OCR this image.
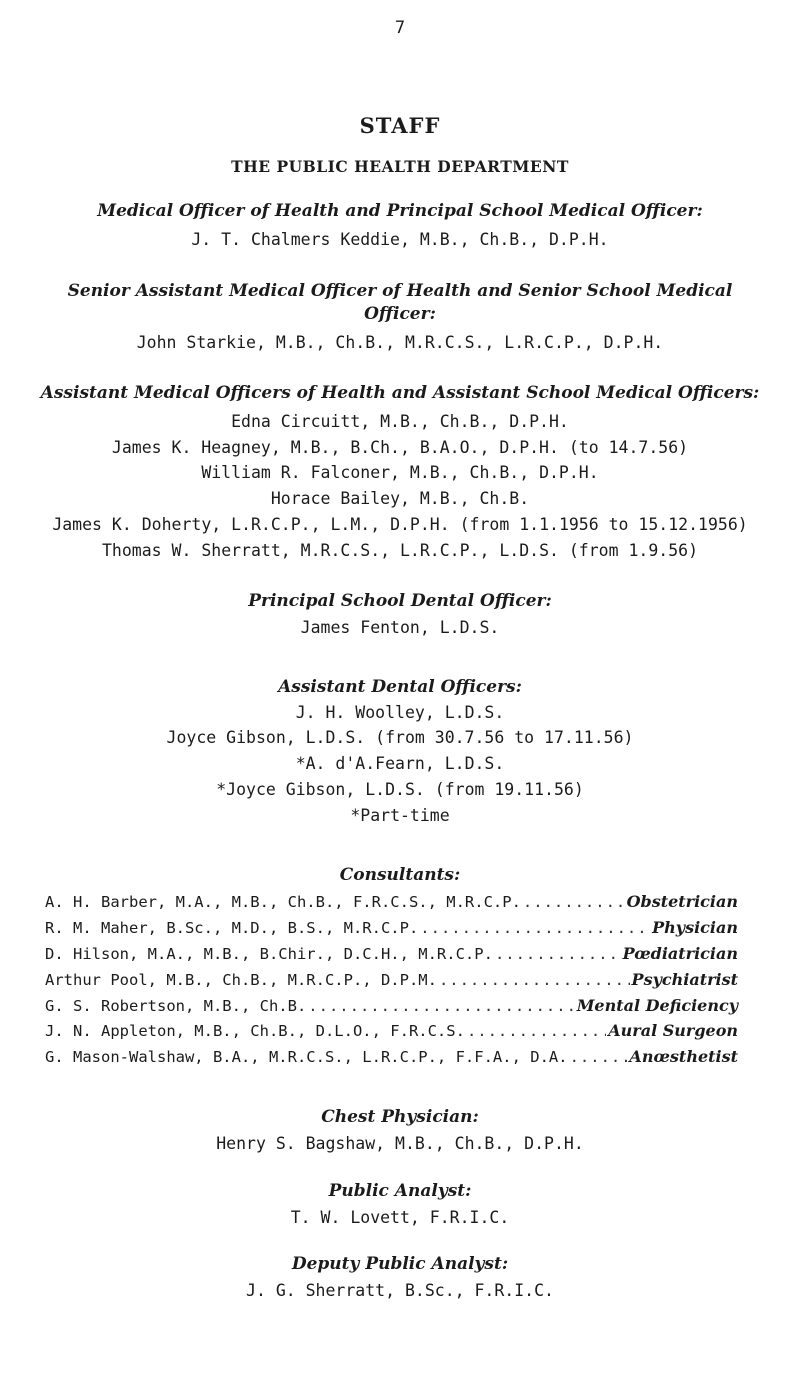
7
STAFF
THE PUBLIC HEALTH DEPARTMENT
Medical Officer of Health and Principal School Medical Officer:
J. T. Chalmers Keddie, M.B., Ch.B., D.P.H.
Senior Assistant Medical Officer of Health and Senior School Medical
Officer:
John Starkie, M.B., Ch.B., M.R.C.S., L.R.C.P., D.P.H.
Assistant Medical Officers of Health and Assistant School Medical Officers:
Edna Circuitt, M.B., Ch.B., D.P.H.
James K. Heagney, M.B., B.Ch., B.A.O., D.P.H. (to 14.7.56)
William R. Falconer, M.B., Ch.B., D.P.H.
Horace Bailey, M.B., Ch.B.
James K. Doherty, L.R.C.P., L.M., D.P.H. (from 1.1.1956 to 15.12.1956)
Thomas W. Sherratt, M.R.C.S., L.R.C.P., L.D.S. (from 1.9.56)
Principal School Dental Officer:
James Fenton, L.D.S.
Assistant Dental Officers:
J. H. Woolley, L.D.S.
Joyce Gibson, L.D.S. (from 30.7.56 to 17.11.56)
*A. d'A.Fearn, L.D.S.
*Joyce Gibson, L.D.S. (from 19.11.56)
*Part-time
Consultants:
A. H. Barber, M.A., M.B., Ch.B., F.R.C.S., M.R.C.P. .....	Obstetrician
R. M. Maher, B.Sc., M.D., B.S., M.R.C.P. .....	Physician
D. Hilson, M.A., M.B., B.Chir., D.C.H., M.R.C.P. .....	Pœdiatrician
Arthur Pool, M.B., Ch.B., M.R.C.P., D.P.M. .....	Psychiatrist
G. S. Robertson, M.B., Ch.B. .....	Mental Deficiency
J. N. Appleton, M.B., Ch.B., D.L.O., F.R.C.S. .....	Aural Surgeon
G. Mason-Walshaw, B.A., M.R.C.S., L.R.C.P., F.F.A., D.A. .....	Anœsthetist
Chest Physician:
Henry S. Bagshaw, M.B., Ch.B., D.P.H.
Public Analyst:
T. W. Lovett, F.R.I.C.
Deputy Public Analyst:
J. G. Sherratt, B.Sc., F.R.I.C.
